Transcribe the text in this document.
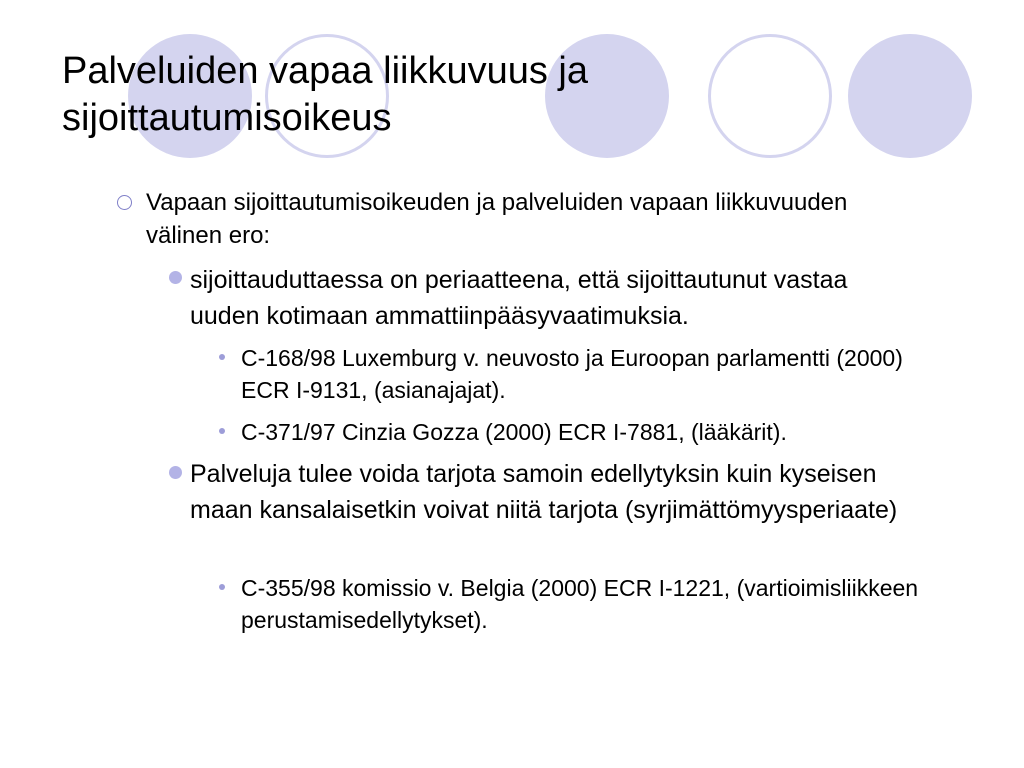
Palveluiden vapaa liikkuvuus ja sijoittautumisoikeus

Vapaan sijoittautumisoikeuden ja palveluiden vapaan liikkuvuuden välinen ero:

sijoittauduttaessa on periaatteena, että sijoittautunut vastaa uuden kotimaan ammattiinpääsyvaatimuksia.

C-168/98 Luxemburg v. neuvosto ja Euroopan parlamentti (2000) ECR I-9131, (asianajajat).

C-371/97 Cinzia Gozza (2000) ECR I-7881, (lääkärit).

Palveluja tulee voida tarjota samoin edellytyksin kuin kyseisen maan kansalaisetkin voivat niitä tarjota (syrjimättömyysperiaate)

C-355/98 komissio v. Belgia (2000) ECR I-1221, (vartioimisliikkeen perustamisedellytykset).
